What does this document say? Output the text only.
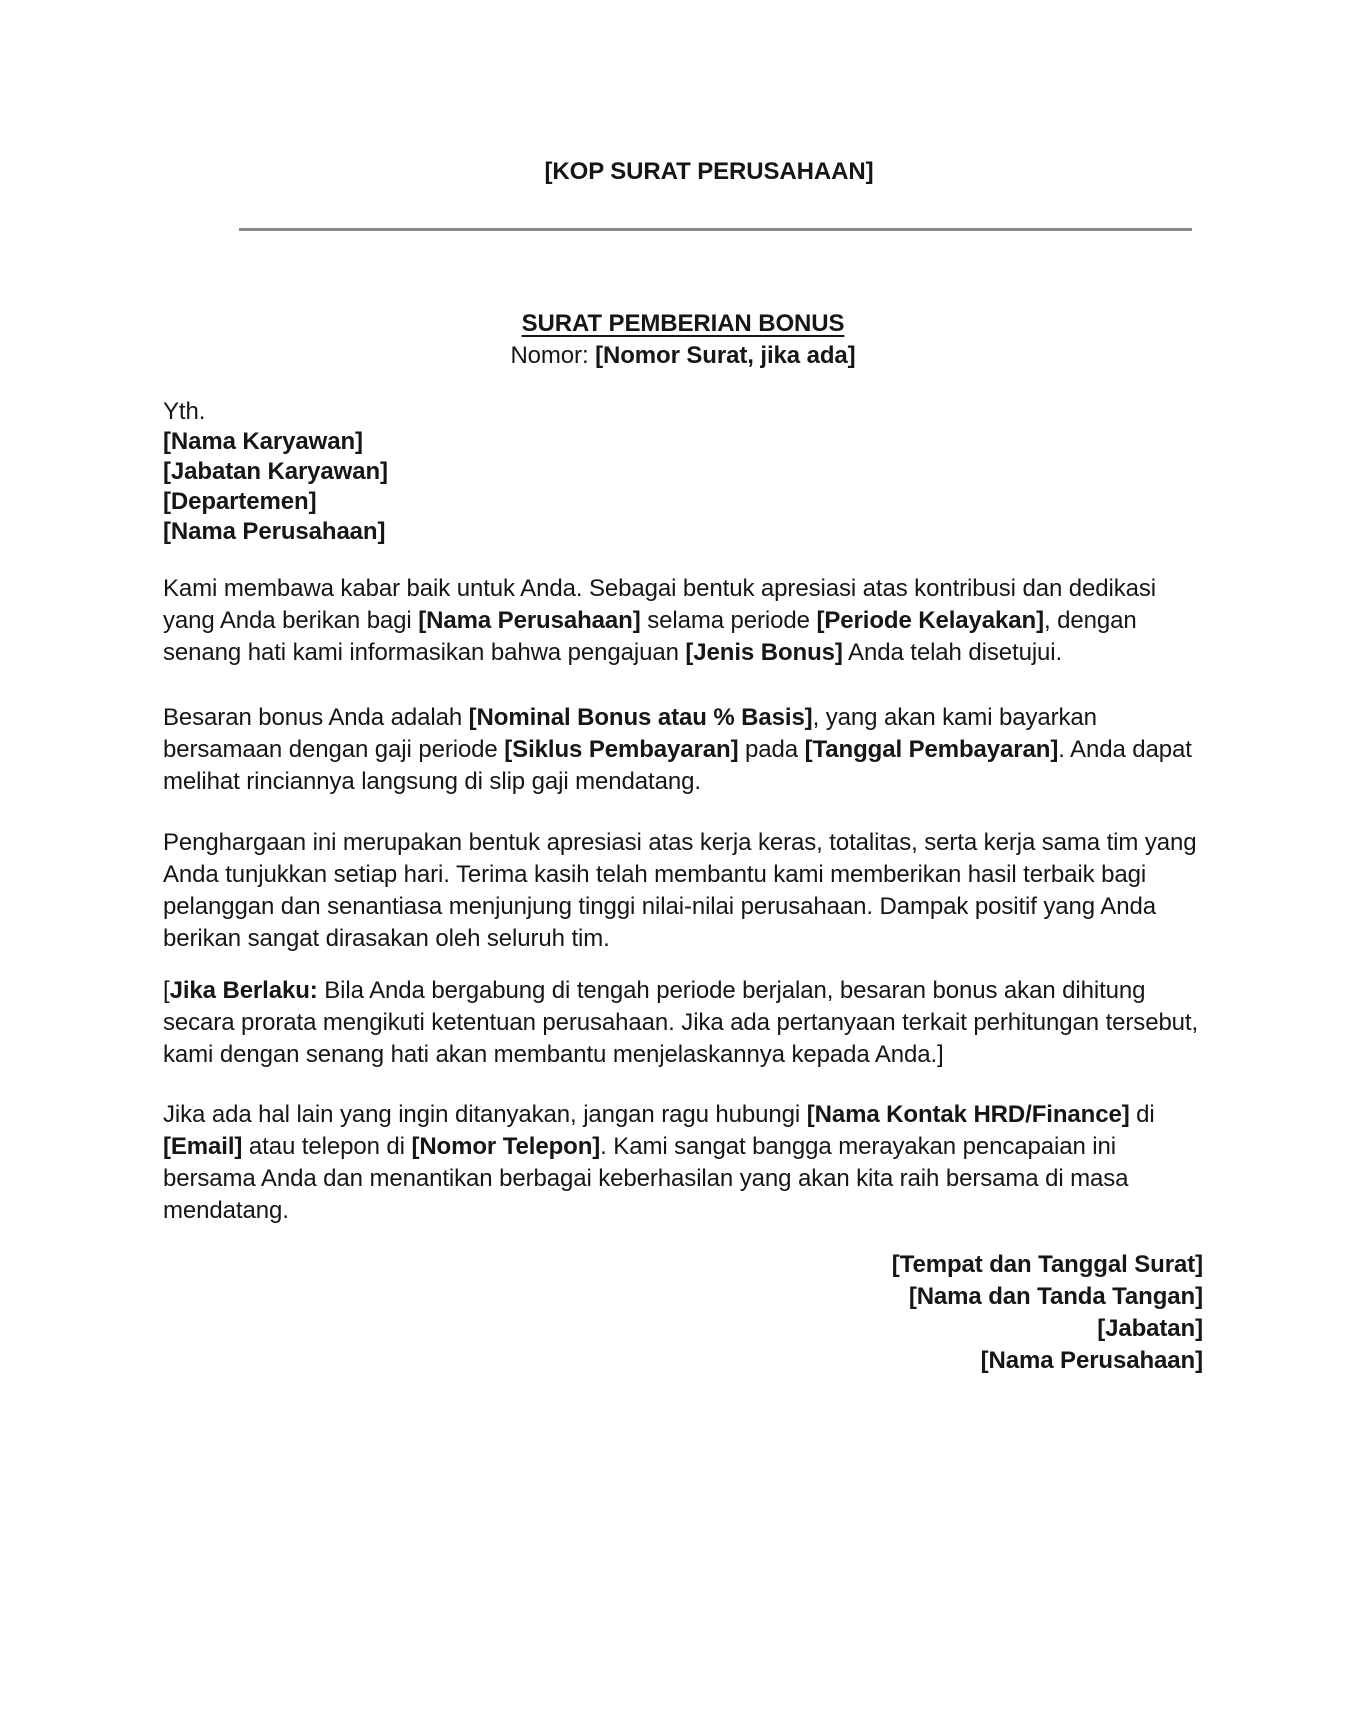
[KOP SURAT PERUSAHAAN]
SURAT PEMBERIAN BONUS
Nomor: [Nomor Surat, jika ada]
Yth.
[Nama Karyawan]
[Jabatan Karyawan]
[Departemen]
[Nama Perusahaan]

Kami membawa kabar baik untuk Anda. Sebagai bentuk apresiasi atas kontribusi dan dedikasi yang Anda berikan bagi [Nama Perusahaan] selama periode [Periode Kelayakan], dengan senang hati kami informasikan bahwa pengajuan [Jenis Bonus] Anda telah disetujui.

Besaran bonus Anda adalah [Nominal Bonus atau % Basis], yang akan kami bayarkan bersamaan dengan gaji periode [Siklus Pembayaran] pada [Tanggal Pembayaran]. Anda dapat melihat rinciannya langsung di slip gaji mendatang.

Penghargaan ini merupakan bentuk apresiasi atas kerja keras, totalitas, serta kerja sama tim yang Anda tunjukkan setiap hari. Terima kasih telah membantu kami memberikan hasil terbaik bagi pelanggan dan senantiasa menjunjung tinggi nilai-nilai perusahaan. Dampak positif yang Anda berikan sangat dirasakan oleh seluruh tim.

[Jika Berlaku: Bila Anda bergabung di tengah periode berjalan, besaran bonus akan dihitung secara prorata mengikuti ketentuan perusahaan. Jika ada pertanyaan terkait perhitungan tersebut, kami dengan senang hati akan membantu menjelaskannya kepada Anda.]

Jika ada hal lain yang ingin ditanyakan, jangan ragu hubungi [Nama Kontak HRD/Finance] di [Email] atau telepon di [Nomor Telepon]. Kami sangat bangga merayakan pencapaian ini bersama Anda dan menantikan berbagai keberhasilan yang akan kita raih bersama di masa mendatang.

[Tempat dan Tanggal Surat]
[Nama dan Tanda Tangan]
[Jabatan]
[Nama Perusahaan]
